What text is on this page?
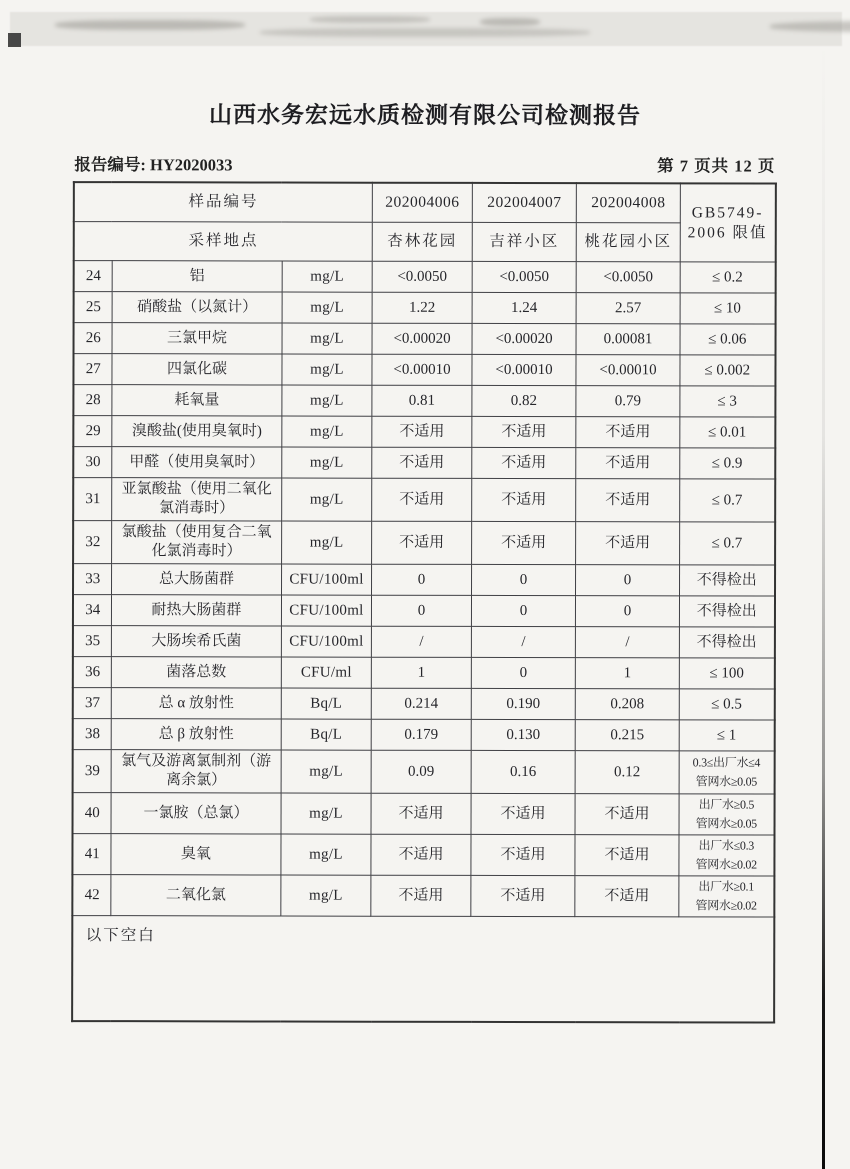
山西水务宏远水质检测有限公司检测报告
报告编号: HY2020033	第 7 页共 12 页
样品编号			202004006	202004007	202004008	GB5749-
2006 限值

采样地点			杏林花园	吉祥小区	桃花园小区	
24	铝	mg/L	<0.0050	<0.0050	<0.0050	≤ 0.2
25	硝酸盐（以氮计）	mg/L	1.22	1.24	2.57	≤ 10
26	三氯甲烷	mg/L	<0.00020	<0.00020	0.00081	≤ 0.06
27	四氯化碳	mg/L	<0.00010	<0.00010	<0.00010	≤ 0.002
28	耗氧量	mg/L	0.81	0.82	0.79	≤ 3
29	溴酸盐(使用臭氧时)	mg/L	不适用	不适用	不适用	≤ 0.01
30	甲醛（使用臭氧时）	mg/L	不适用	不适用	不适用	≤ 0.9
31	亚氯酸盐（使用二氧化氯消毒时）	mg/L	不适用	不适用	不适用	≤ 0.7
32	氯酸盐（使用复合二氧化氯消毒时）	mg/L	不适用	不适用	不适用	≤ 0.7
33	总大肠菌群	CFU/100ml	0	0	0	不得检出
34	耐热大肠菌群	CFU/100ml	0	0	0	不得检出
35	大肠埃希氏菌	CFU/100ml	/	/	/	不得检出
36	菌落总数	CFU/ml	1	0	1	≤ 100
37	总 α 放射性	Bq/L	0.214	0.190	0.208	≤ 0.5
38	总 β 放射性	Bq/L	0.179	0.130	0.215	≤ 1
39	氯气及游离氯制剂（游离余氯）	mg/L	0.09	0.16	0.12	0.3≤出厂水≤4
管网水≥0.05

40	一氯胺（总氯）	mg/L	不适用	不适用	不适用	出厂水≥0.5
管网水≥0.05

41	臭氧	mg/L	不适用	不适用	不适用	出厂水≤0.3
管网水≥0.02

42	二氧化氯	mg/L	不适用	不适用	不适用	出厂水≥0.1
管网水≥0.02

以下空白						
